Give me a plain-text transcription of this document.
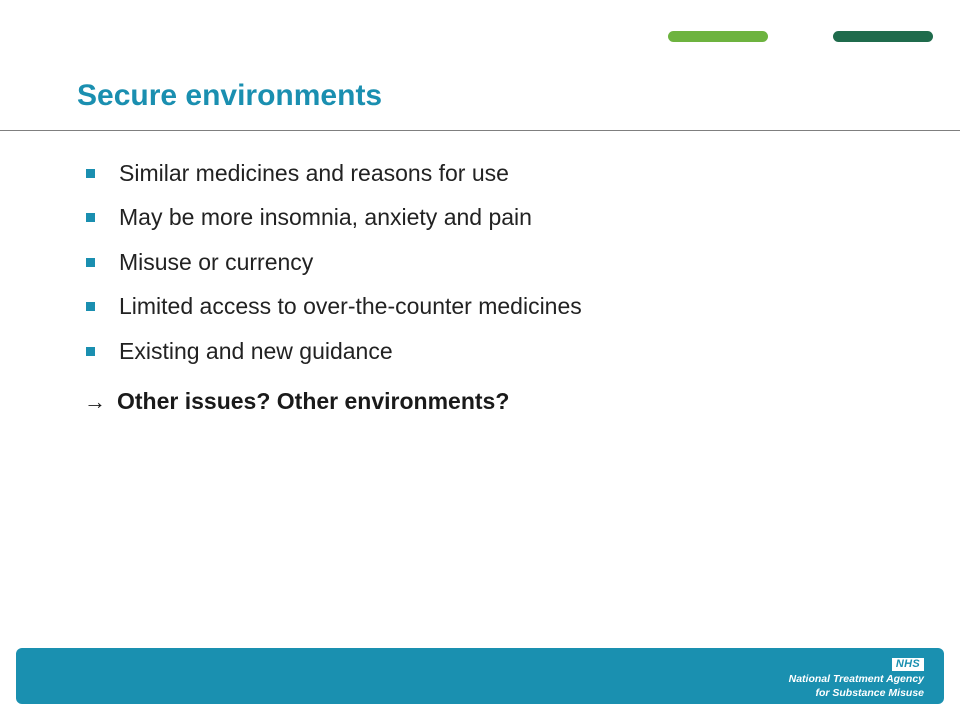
Secure environments
Similar medicines and reasons for use
May be more insomnia, anxiety and pain
Misuse or currency
Limited access to over-the-counter medicines
Existing and new guidance
→ Other issues? Other environments?
NHS
National Treatment Agency
for Substance Misuse
